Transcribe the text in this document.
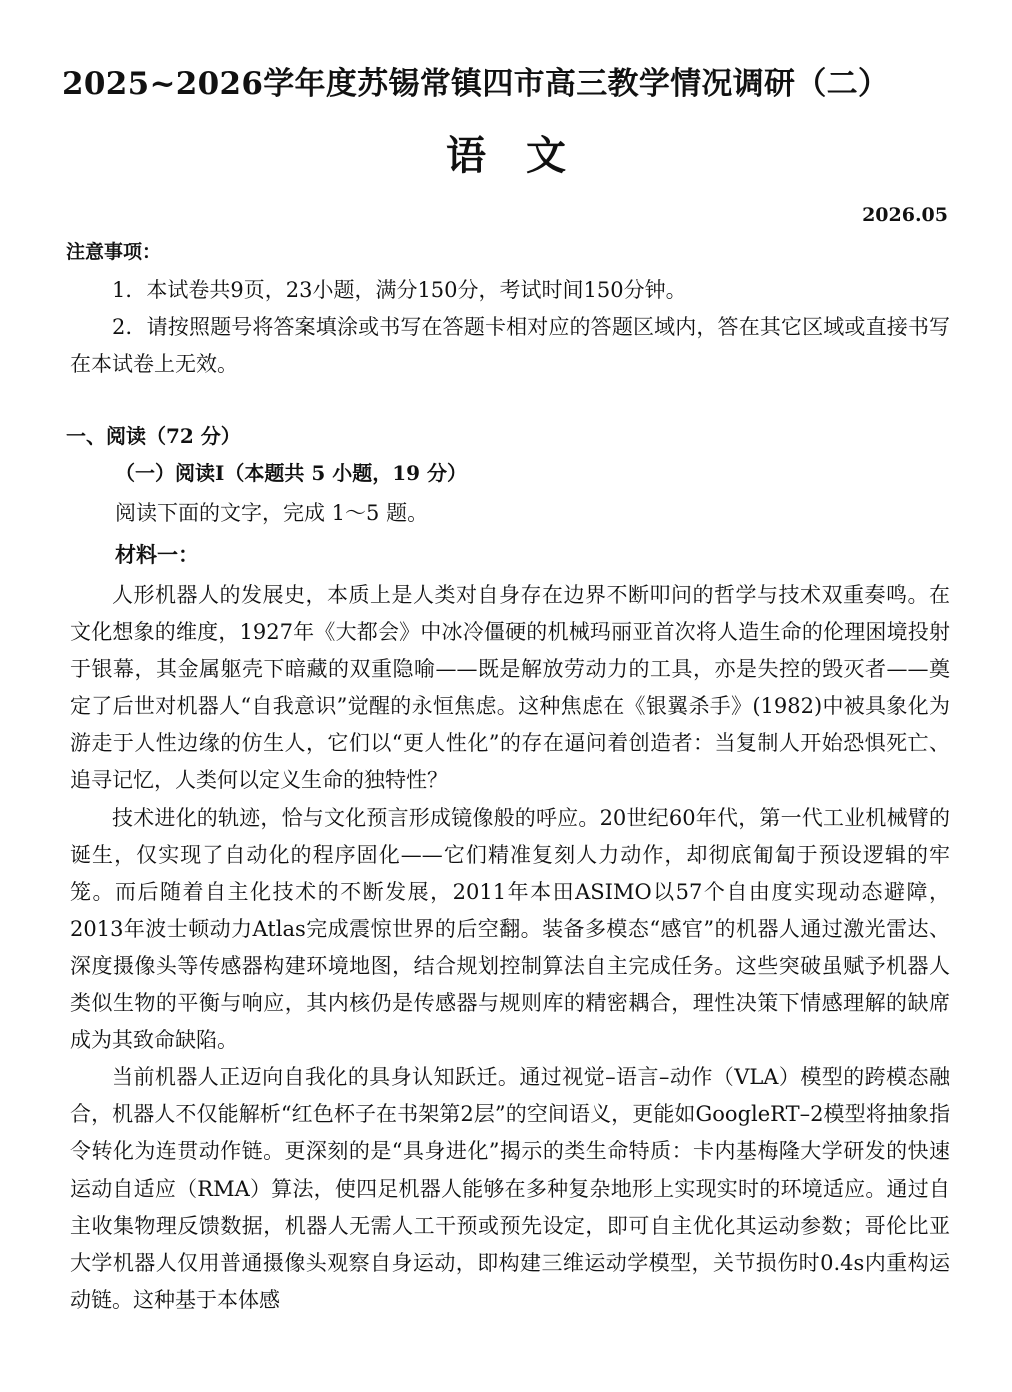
2025~2026学年度苏锡常镇四市高三教学情况调研（二）
语文
2026.05
注意事项：

1．本试卷共9页，23小题，满分150分，考试时间150分钟。

2．请按照题号将答案填涂或书写在答题卡相对应的答题区域内，答在其它区域或直接书写在本试卷上无效。

一、阅读（72 分）
（一）阅读Ⅰ（本题共 5 小题，19 分）
阅读下面的文字，完成 1～5 题。
材料一：

人形机器人的发展史，本质上是人类对自身存在边界不断叩问的哲学与技术双重奏鸣。在文化想象的维度，1927年《大都会》中冰冷僵硬的机械玛丽亚首次将人造生命的伦理困境投射于银幕，其金属躯壳下暗藏的双重隐喻——既是解放劳动力的工具，亦是失控的毁灭者——奠定了后世对机器人“自我意识”觉醒的永恒焦虑。这种焦虑在《银翼杀手》(1982)中被具象化为游走于人性边缘的仿生人，它们以“更人性化”的存在逼问着创造者：当复制人开始恐惧死亡、追寻记忆，人类何以定义生命的独特性？

技术进化的轨迹，恰与文化预言形成镜像般的呼应。20世纪60年代，第一代工业机械臂的诞生，仅实现了自动化的程序固化——它们精准复刻人力动作，却彻底匍匐于预设逻辑的牢笼。而后随着自主化技术的不断发展，2011年本田ASIMO以57个自由度实现动态避障，2013年波士顿动力Atlas完成震惊世界的后空翻。装备多模态“感官”的机器人通过激光雷达、深度摄像头等传感器构建环境地图，结合规划控制算法自主完成任务。这些突破虽赋予机器人类似生物的平衡与响应，其内核仍是传感器与规则库的精密耦合，理性决策下情感理解的缺席成为其致命缺陷。

当前机器人正迈向自我化的具身认知跃迁。通过视觉–语言–动作（VLA）模型的跨模态融合，机器人不仅能解析“红色杯子在书架第2层”的空间语义，更能如GoogleRT–2模型将抽象指令转化为连贯动作链。更深刻的是“具身进化”揭示的类生命特质：卡内基梅隆大学研发的快速运动自适应（RMA）算法，使四足机器人能够在多种复杂地形上实现实时的环境适应。通过自主收集物理反馈数据，机器人无需人工干预或预先设定，即可自主优化其运动参数；哥伦比亚大学机器人仅用普通摄像头观察自身运动，即构建三维运动学模型，关节损伤时0.4s内重构运动链。这种基于本体感
